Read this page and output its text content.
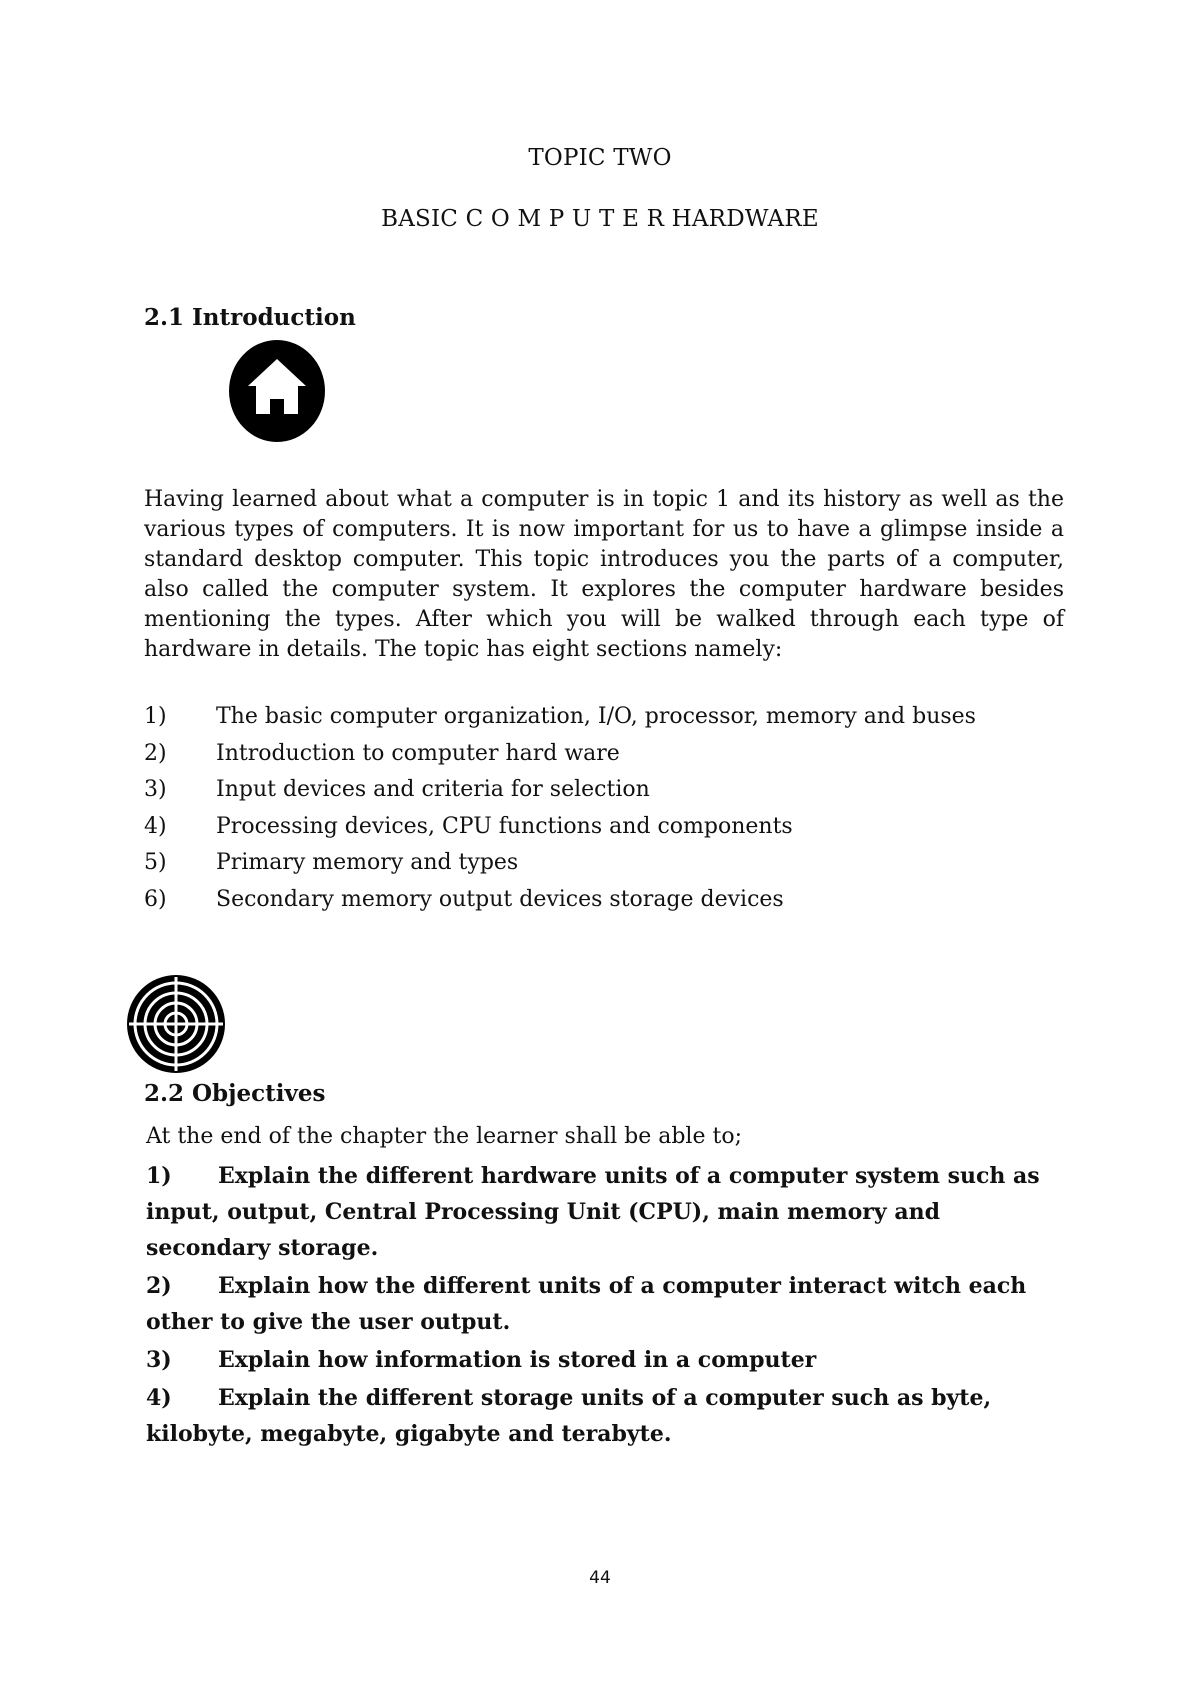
TOPIC TWO
BASIC C O M P U T E R HARDWARE
2.1 Introduction
Having learned about what a computer is in topic 1 and its history as well as the various types of computers. It is now important for us to have a glimpse inside a standard desktop computer. This topic introduces you the parts of a computer, also called the computer system. It explores the computer hardware besides mentioning the types. After which you will be walked through each type of hardware in details. The topic has eight sections namely:
1) The basic computer organization, I/O, processor, memory and buses
2) Introduction to computer hard ware
3) Input devices and criteria for selection
4) Processing devices, CPU functions and components
5) Primary memory and types
6) Secondary memory output devices storage devices
2.2 Objectives
At the end of the chapter the learner shall be able to;
1) Explain the different hardware units of a computer system such as input, output, Central Processing Unit (CPU), main memory and secondary storage.
2) Explain how the different units of a computer interact witch each other to give the user output.
3) Explain how information is stored in a computer
4) Explain the different storage units of a computer such as byte, kilobyte, megabyte, gigabyte and terabyte.
44
